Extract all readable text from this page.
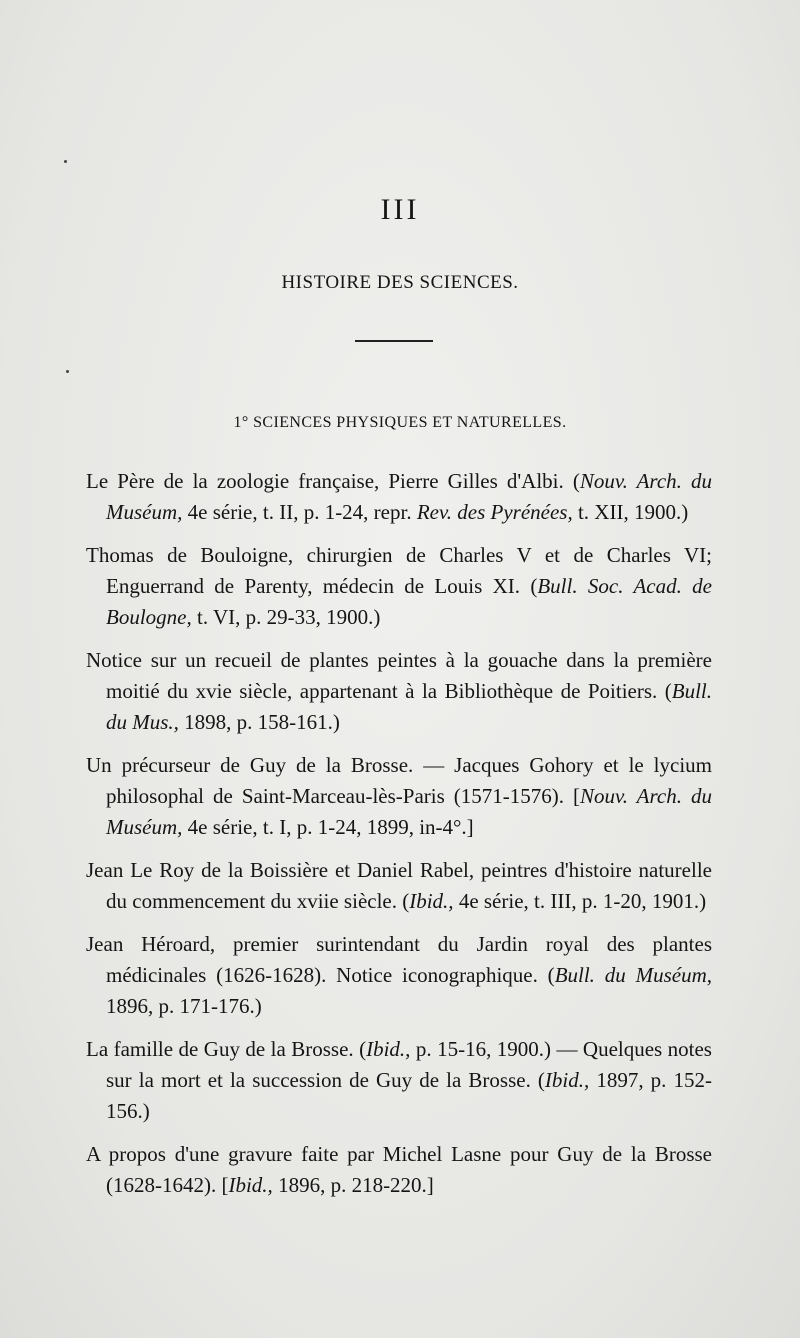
III
HISTOIRE DES SCIENCES.
1° SCIENCES PHYSIQUES ET NATURELLES.

Le Père de la zoologie française, Pierre Gilles d'Albi. (Nouv. Arch. du Muséum, 4e série, t. II, p. 1-24, repr. Rev. des Pyrénées, t. XII, 1900.)

Thomas de Bouloigne, chirurgien de Charles V et de Charles VI; Enguerrand de Parenty, médecin de Louis XI. (Bull. Soc. Acad. de Boulogne, t. VI, p. 29-33, 1900.)

Notice sur un recueil de plantes peintes à la gouache dans la première moitié du xvie siècle, appartenant à la Bibliothèque de Poitiers. (Bull. du Mus., 1898, p. 158-161.)

Un précurseur de Guy de la Brosse. — Jacques Gohory et le lycium philosophal de Saint-Marceau-lès-Paris (1571-1576). [Nouv. Arch. du Muséum, 4e série, t. I, p. 1-24, 1899, in-4°.]

Jean Le Roy de la Boissière et Daniel Rabel, peintres d'histoire naturelle du commencement du xviie siècle. (Ibid., 4e série, t. III, p. 1-20, 1901.)

Jean Héroard, premier surintendant du Jardin royal des plantes médicinales (1626-1628). Notice iconographique. (Bull. du Muséum, 1896, p. 171-176.)

La famille de Guy de la Brosse. (Ibid., p. 15-16, 1900.) — Quelques notes sur la mort et la succession de Guy de la Brosse. (Ibid., 1897, p. 152-156.)

A propos d'une gravure faite par Michel Lasne pour Guy de la Brosse (1628-1642). [Ibid., 1896, p. 218-220.]
